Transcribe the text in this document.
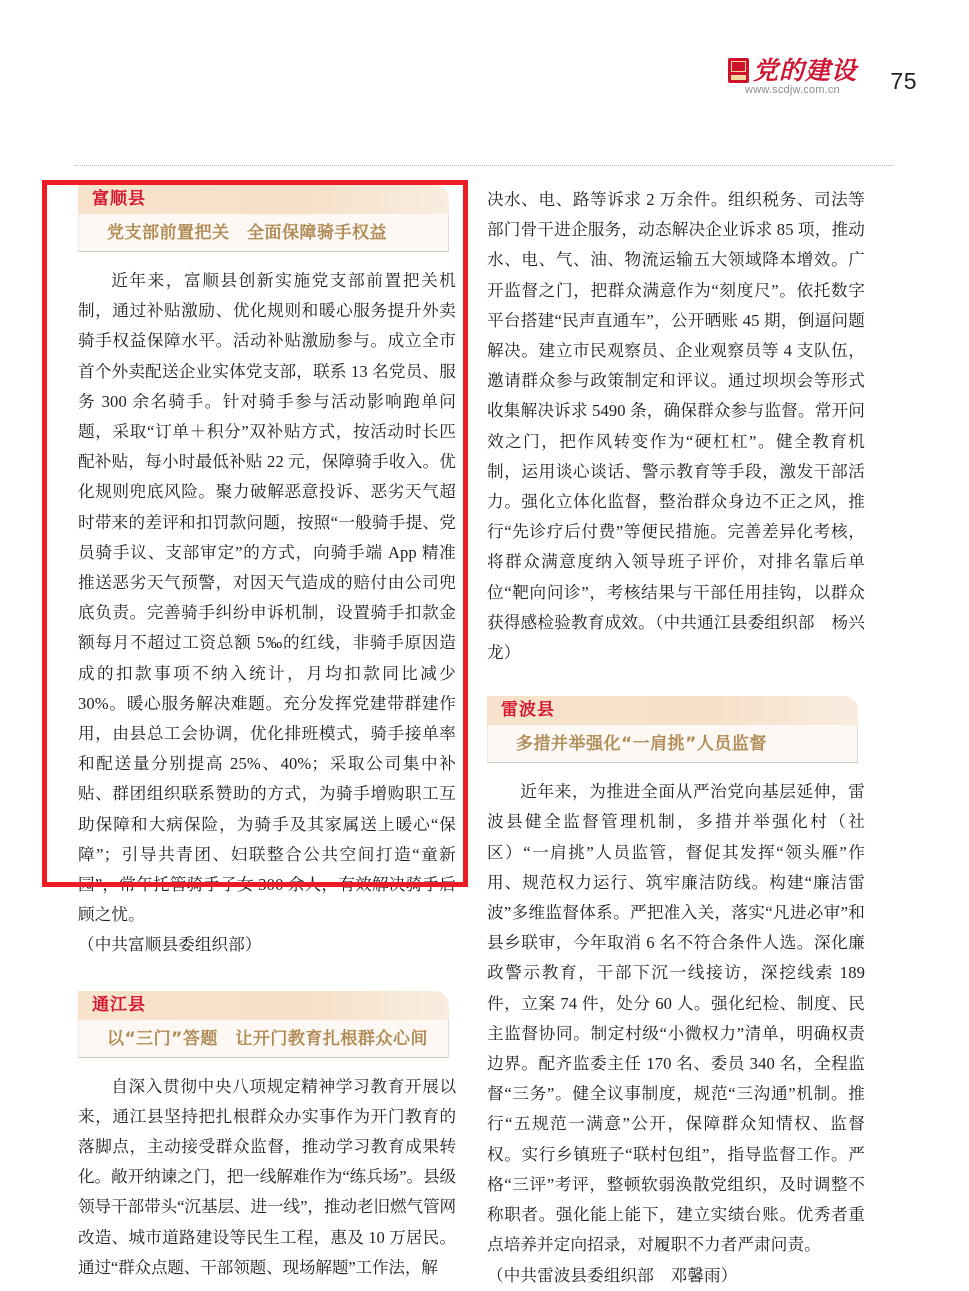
党的建设
www.scdjw.com.cn 75
富顺县
党支部前置把关　全面保障骑手权益

近年来，富顺县创新实施党支部前置把关机制，通过补贴激励、优化规则和暖心服务提升外卖骑手权益保障水平。活动补贴激励参与。成立全市首个外卖配送企业实体党支部，联系 13 名党员、服务 300 余名骑手。针对骑手参与活动影响跑单问题，采取“订单＋积分”双补贴方式，按活动时长匹配补贴，每小时最低补贴 22 元，保障骑手收入。优化规则兜底风险。聚力破解恶意投诉、恶劣天气超时带来的差评和扣罚款问题，按照“一般骑手提、党员骑手议、支部审定”的方式，向骑手端 App 精准推送恶劣天气预警，对因天气造成的赔付由公司兜底负责。完善骑手纠纷申诉机制，设置骑手扣款金额每月不超过工资总额 5‰的红线，非骑手原因造成的扣款事项不纳入统计，月均扣款同比减少 30%。暖心服务解决难题。充分发挥党建带群建作用，由县总工会协调，优化排班模式，骑手接单率和配送量分别提高 25%、40%；采取公司集中补贴、群团组织联系赞助的方式，为骑手增购职工互助保障和大病保险，为骑手及其家属送上暖心“保障”；引导共青团、妇联整合公共空间打造“童新园”，常年托管骑手子女 300 余人，有效解决骑手后顾之忧。

（中共富顺县委组织部）

通江县
以“三门”答题　让开门教育扎根群众心间

自深入贯彻中央八项规定精神学习教育开展以来，通江县坚持把扎根群众办实事作为开门教育的落脚点，主动接受群众监督，推动学习教育成果转化。敞开纳谏之门，把一线解难作为“练兵场”。县级领导干部带头“沉基层、进一线”，推动老旧燃气管网改造、城市道路建设等民生工程，惠及 10 万居民。通过“群众点题、干部领题、现场解题”工作法，解

决水、电、路等诉求 2 万余件。组织税务、司法等部门骨干进企服务，动态解决企业诉求 85 项，推动水、电、气、油、物流运输五大领域降本增效。广开监督之门，把群众满意作为“刻度尺”。依托数字平台搭建“民声直通车”，公开晒账 45 期，倒逼问题解决。建立市民观察员、企业观察员等 4 支队伍，邀请群众参与政策制定和评议。通过坝坝会等形式收集解决诉求 5490 条，确保群众参与监督。常开问效之门，把作风转变作为“硬杠杠”。健全教育机制，运用谈心谈话、警示教育等手段，激发干部活力。强化立体化监督，整治群众身边不正之风，推行“先诊疗后付费”等便民措施。完善差异化考核，将群众满意度纳入领导班子评价，对排名靠后单位“靶向问诊”，考核结果与干部任用挂钩，以群众获得感检验教育成效。（中共通江县委组织部　杨兴龙）

雷波县
多措并举强化“一肩挑”人员监督

近年来，为推进全面从严治党向基层延伸，雷波县健全监督管理机制，多措并举强化村（社区）“一肩挑”人员监管，督促其发挥“领头雁”作用、规范权力运行、筑牢廉洁防线。构建“廉洁雷波”多维监督体系。严把准入关，落实“凡进必审”和县乡联审，今年取消 6 名不符合条件人选。深化廉政警示教育，干部下沉一线接访，深挖线索 189 件，立案 74 件，处分 60 人。强化纪检、制度、民主监督协同。制定村级“小微权力”清单，明确权责边界。配齐监委主任 170 名、委员 340 名，全程监督“三务”。健全议事制度，规范“三沟通”机制。推行“五规范一满意”公开，保障群众知情权、监督权。实行乡镇班子“联村包组”，指导监督工作。严格“三评”考评，整顿软弱涣散党组织，及时调整不称职者。强化能上能下，建立实绩台账。优秀者重点培养并定向招录，对履职不力者严肃问责。

（中共雷波县委组织部　邓馨雨）
